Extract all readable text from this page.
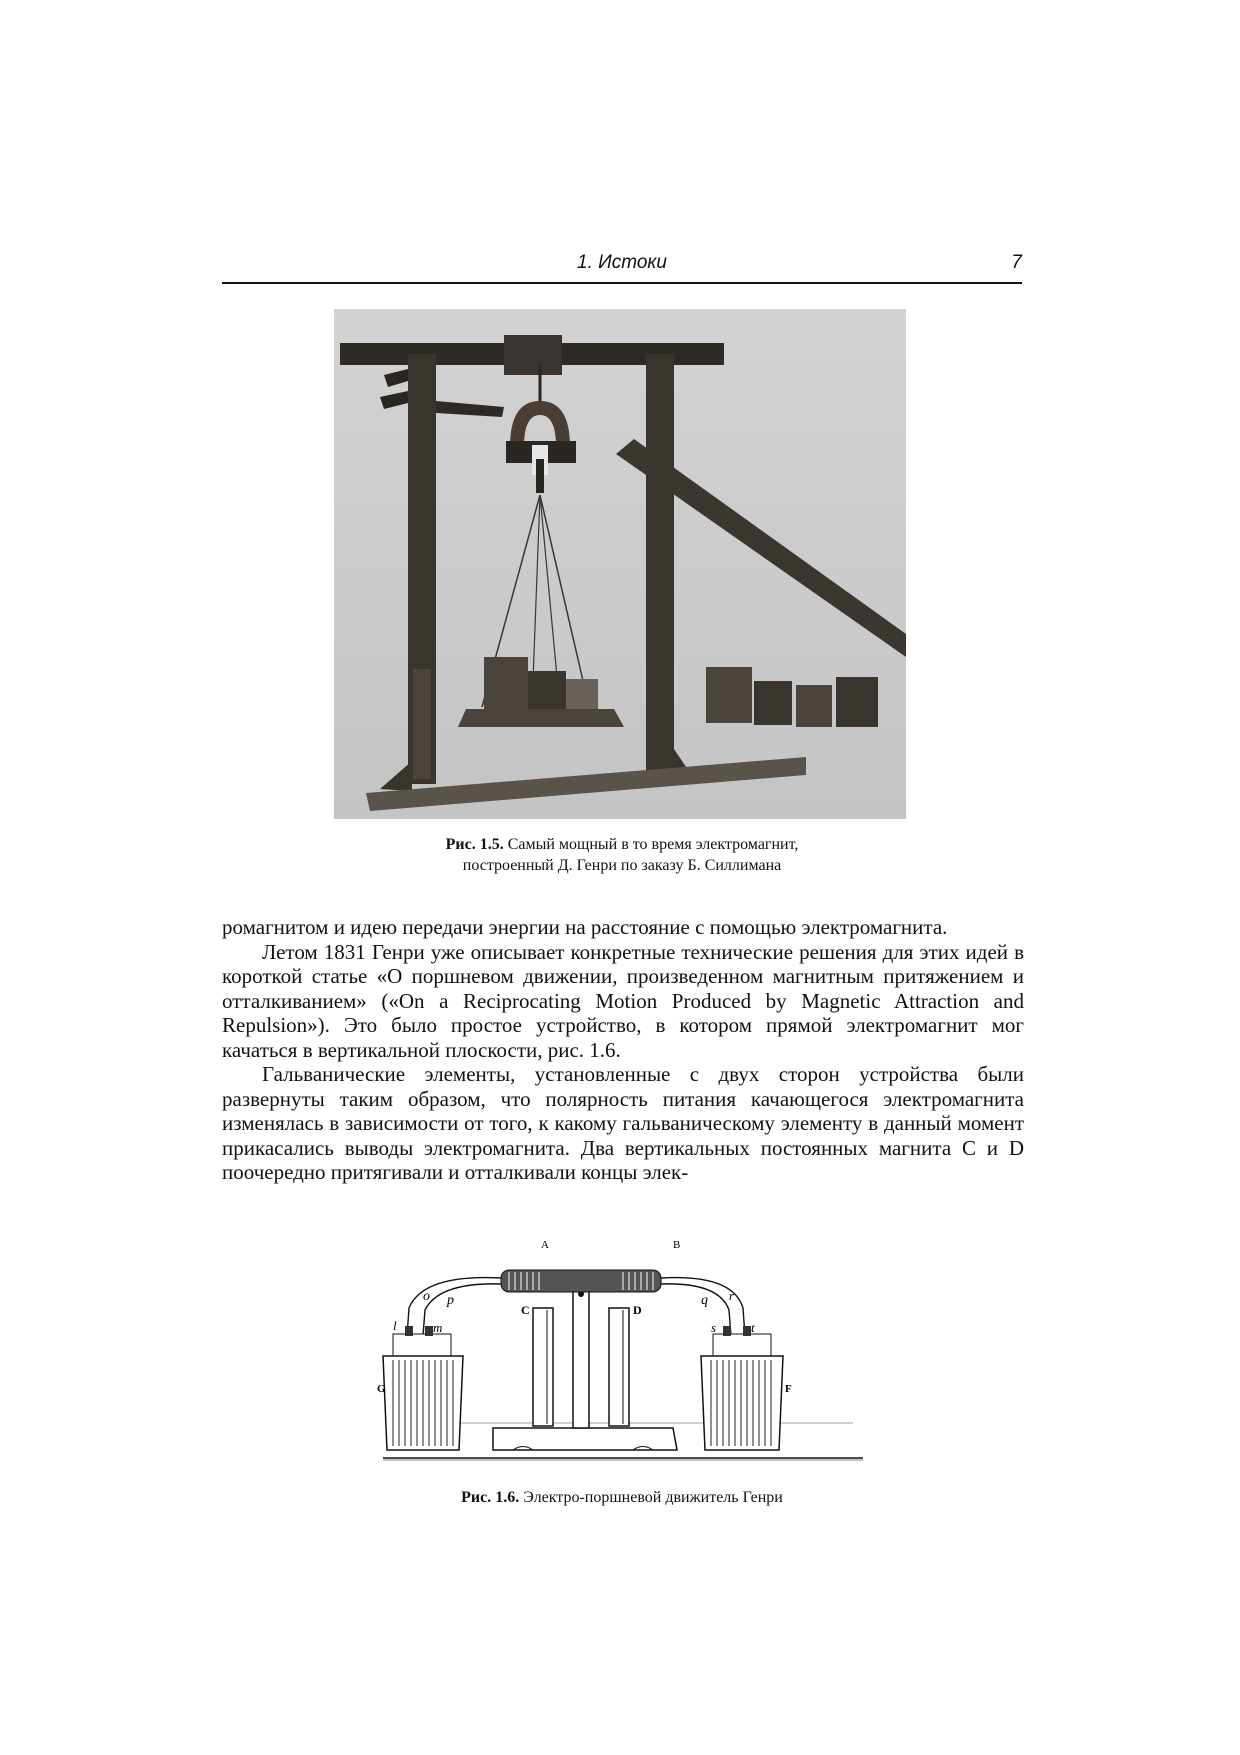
1. Истоки	7
Рис. 1.5. Самый мощный в то время электромагнит,
построенный Д. Генри по заказу Б. Силлимана

ромагнитом и идею передачи энергии на расстояние с помощью электромагнита.

Летом 1831 Генри уже описывает конкретные технические решения для этих идей в короткой статье «О поршневом движении, произведенном магнитным притяжением и отталкиванием» («On a Reciprocating Motion Produced by Magnetic Attraction and Repulsion»). Это было простое устройство, в котором прямой электромагнит мог качаться в вертикальной плоскости, рис. 1.6.

Гальванические элементы, установленные с двух сторон устройства были развернуты таким образом, что полярность питания качающегося электромагнита изменялась в зависимости от того, к какому гальваническому элементу в данный момент прикасались выводы электромагнита. Два вертикальных постоянных магнита C и D поочередно притягивали и отталкивали концы элек-

A	B
C	D
o p	q r
l	m	s	t
G	F
Рис. 1.6. Электро-поршневой движитель Генри
